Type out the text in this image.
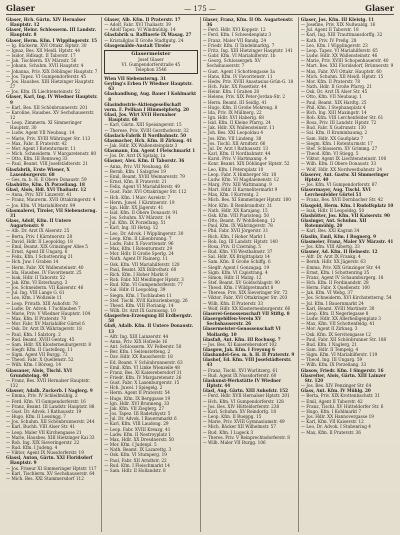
Glaser	— 175 —	Glaser

Glaser, Hch. Gärtn. XIV Hernalser Hauptstr. 12

Glaser, Heinr. Schlosserm. III Landstr. Hauptstr. 8

Glaser, Herm. Kfm. I Wipplingerstr. 15

— Ig. Bäckerm. XVI Ottakr. Hptstr. 30

— Ignaz, Bes. XII Meidl. Hptstr. 44

— Isidor, Hdlsagt. II Taborstr. 17

— Jak. Tischlerm. XV Märzstr. 56

— Johann, Schuhm. XVII Hauptstr. 4

— Johanna, Priv. XIX Döblinger Hauptstr. 7

— Jos. Tapez. VI Gumpendorferstr. 45

— Jos. Hausbes. XIII Hietzinger Hauptstr. 27

— Jos. Kfm. IX Liechtensteinstr. 52

Glaser, Karl, Ing. IV Wiedner Hauptstr. 9

— Karl, Bes. XII Schönbrunnerstr. 201

— Karoline, Hausbes. XV Sechshauserstr. 12

— Leop. Zimmerm. XI Simmeringer Hauptstr. 30

— Ludw. Agent VII Neubaug. 14

— Marie, Priv. XVIII Währinger Str. 113

— Max, Fabr. II Praterstr. 42

— Mor. Agent I Rotenturmstr. 11

— Mich. Schneiderm. V Margaretenstr. 80

— Otto, Kfm. III Rennweg 33

— Paul, Beamt. VIII Josefstädterstr. 21

Glasfabrik, Erste Wiener, X Laxenburgerstr. 68

— Ges. m. b. H. II Obere Donaustr. 59

Glashütte, Kfm. IX Porzellang. 18

Glasl, Alois, Hdl. XVI Thaliastr. 12

— Anna, Priv. XIV Linzerstr. 41

— Franz, Maurerm. XVII Ottakringerstr. 4

— Jos. Kfm. VI Mariahilferstr. 99

Glasmalerei, Tiroler, VII Siebensterng. 31

Glass, Adolf, Kfm. II Untere Augartenstr. 9

— Alb. Dr. Arzt IX Alserstr. 25

— Berta, Priv. I Kärntnerstr. 28

— David, Hdlr. II Leopoldsg. 18

— Emil, Beamt. XIX Grinzinger Allee 5

— Ernst, Agent III Ungarg. 6

— Felix, Kfm. I Schottenring 21

— Hch. Juw. I Graben 14

— Herm. Fabr. XX Wallensteinstr. 40

— Ida, Hausbes. IV Favoritenstr. 25

— Isak, Hdlr. II Taborstr. 52

— Jak. Kfm. VI Esterhazyg. 3

— Jos. Schneiderm. VII Kaiserstr. 46

— Jul. Ing. VIII Lange G. 61

— Leo, Kfm. I Wollzeile 11

— Leop. Privatb. XIII Auhofstr. 78

— Ludw. Dr. Advok. I Tuchlauben 7

— Marie, Priv. V Wiedner Hauptstr. 104

— Max, Kfm. II Praterstr. 70

— Mor. Fabr. XV Mariahilfer Gürtel 6

— Osk. Dr. Arzt IX Währingerstr. 18

— Paul, Kfm. I Salztorg. 2

— Rud. Beamt. XVIII Gentzg. 45

— Sam. Hdlr. XX Klosterneuburgerstr. 8

— Siegfr. Kfm. II Castellezg. 11

— Sigm. Agent VII Burgg. 72

— Theod. Fabr. X Quellenstr. 52

— Wilh. Kfm. I Börseg. 14

Glassauer, Alois, Tischl. XVI Grundsteing. 40

— Franz, Bes. XVII Hernalser Hauptstr. 132

Glasser, Adalb. Zuckerb. I Naglerg. 9

— Emma, Priv. IV Schleifmühlg. 2

— Ferd. Kfm. VI Gumpendorferstr. 16

— Franz, Beamt. III Landstr. Hauptstr. 88

— Gust. Dr. Advok. I Rathausstr. 19

— Hugo, Kfm. II Lessingg. 7

— Jos. Schuhm. XII Schönbrunnerstr. 244

— Karl, Buchh. VIII Alser Str. 41

— Leop. Maler VII Kirchengasse 21

— Marie, Hausbes. XIII Hietzinger Kai 33

— Rob. Ing. XIX Sieveringerstr. 22

— Rud. Kfm. I Judeng. 4

— Viktor, Agent IX Nussdorferstr. 19

Glassl, Anton, Gärtn. XXI Floridsdorf Hauptstr. 9

— Jos. Friseur XI Simmeringer Hptstr. 117

— Karl, Tischlerm. XV Sechshauserstr. 64

— Mich. Bes. XXI Stammersdorf 112

Glaser, Alb. Kfm. II Praterstr. 17

— Adolf, Fabr. XVI Thaliastr. 39

— Adolf Tapez. VI Windmühlg. 14

Glasfabrik u. Raffinerie IX Wasag. 27

— Kristallglas II Große Stadtgutg. 24

Glasgemälde-Anstalt Tiroler

Glasermeister
Josef Glaser
VI. Gumpendorferstraße 45
Telephon 3546

Wien VII Siebensterng. 31

Geyling's Erben IV Wiedner Hauptstr. 63

Glashandlung, Aug. Bauer I Kohlmarkt 8

Glasindustrie-Aktiengesellschaft

vorm. F. Pelikan I Himmelpfortg. 20

Glasl, Jos. Wirt XVII Hernalser Hauptstr. 68

— Karl, Gärtn. XIII Speisingerstr. 15

— Therese, Priv. XVIII Gersthoferstr. 32

Glaslack-Fabrik II Nordbahnstr. 50

Glasmacher, Hch. Kfm. II Zirkusg. 41

— Jak. Hdlr. XX Wallensteinplatz 3

Glasmann, Em. Agent I Fleischmarkt 1

— Jos. Dr. Arzt IX Spitalg. 1a

Glasner, Alex. Kfm. II Taborstr. 36

— Anna, Priv. VII Neubaug. 66

— Bernh. Kfm. I Salzgries 19

— Emil, Beamt. XVIII Weimarerstr. 79

— Ernst, Kfm. II Praterstr. 21

— Felix, Agent VI Mariahilferstr. 49

— Gust. Fabr. XVI Ottakringer Str. 112

— Hch. Kfm. I Marc Aurelstr. 7

— Herm. Juwel. I Kärntnerstr. 19

— Ign. Hdlr. XX Jägerstr. 41

— Isid. Kfm. II Obere Donaustr. 91

— Jos. Schuhm. XV Märzstr. 14

— Jul. Kfm. IX Porzellang. 51

— Karl, Ing. III Hetzg. 12

— Leo, Dr. Advok. I Wipplingerstr. 30

— Leop. Kfm. II Lilienbrunng. 7

— Ludw. Fabr. X Favoritenstr. 96

— Max, Kfm. I Rotenturmstr. 29

— Mor. Hdlr. II Große Sperlg. 24

— Nath. Agent IV Rainerg. 11

— Osk. Kfm. VII Mariahilferstr. 120

— Paul, Beamt. XIX Billrothstr. 60

— Rich. Kfm. I Hoher Markt 8

— Rob. Fabr. XII Meidlinger Hptstr. 3

— Rud. Kfm. VI Gumpendorferstr. 77

— Sal. Hdlr. II Leopoldsg. 39

— Siegm. Kfm. I Tuchlauben 11

— Stef. Tischl. XVII Kalvarienbergg. 26

— Theod. Kfm. VIII Florianig. 14

— Wilh. Dr. Arzt IX Garnisong. 10

Glasperlen-Erzeugung III Erdbergstr. 58

Glaß, Adalb. Kfm. II Untere Donaustr. 13

— Alfr. Ing. XIII Lainzerstr. 44

— Anna, Priv. XIX Hofzeile 16

— Ant. Schlosserm. XV Felberstr. 50

— Ber. Kfm. I Seitenstetteng. 2

— Dav. Hdlr. XX Rauscherstr. 18

— Ed. Beamt. V Schönbrunnerstr. 63

— Emil, Kfm. VI Linke Wienzeile 48

— Franz, Bes. XI Kaiserebersdorf 31

— Friedr. Kfm. IV Margaretenstr. 26

— Gust. Fabr. X Laxenburgerstr. 15

— Hch. Juwel. I Spiegelg. 2

— Herm. Agent II Praterstr. 54

— Hugo, Kfm. IX Berggasse 19

— Ign. Hdlr. XVI Brunneng. 33

— Jak. Kfm. VII Zieglerg. 27

— Jos. Tapez. III Radetzkystr. 5

— Jul. Dr. Advok. I Bauernmarkt 6

— Karl, Kfm. VIII Laudong. 29

— Leop. Fabr. XVIII Kreuzg. 41

— Ludw. Kfm. II Nestroyplatz 1

— Max, Hdlr. XX Dresdnerstr. 50

— Mor. Kfm. I Judenpl. 5

— Nath. Beamt. IX Lazarettg. 3

— Osk. Kfm. VI Stumperg. 19

— Paul, Fabr. XII Arndtstr. 22

— Rud. Kfm. I Fleischmarkt 14

— Sam. Hdlr. II Hollandstr. 8

Glaser, Franz, Kfm. II Ob. Augartenstr. 36

— Ferd. Hdlr. XVI Koppstr. 12

— Ferd. Kfm. I Schwedenplatz 3

— Franz, Maler VII Bandg. 24

— Friedr. Kfm. II Tandelmarktg. 7

— Fritz, Ing. XIII Hietzinger Hauptstr. 141

— Gabr. Kfm. VI Mariahilferstr. 1b

— Georg, Schlossergeh. XV Sechshauserstr. 7

— Gust. Agent I Schottengasse 3a

— Hans, Kfm. IV Favoritenstr. 11

— Hedw. Priv. XVIII Anastasius-Grün-G. 18

— Hch. Fabr. XX Pasettistr. 44

— Heinr. Kfm. I Graben 28

— Helene, Priv. XIX Peter-Jordan-Str. 2

— Herm. Beamt. III Seidlg. 41

— Hugo, Kfm. II Große Mohreng. 8

— Ida, Priv. IX Müllnerg. 22

— Ign. Hdlr. XVI Haberlg. 68

— Isid. Kfm. II Kleine Pfarrg. 24

— Jak. Hdlr. XX Wallensteinstr. 11

— Joh. Bes. XXI Leopoldau 4

— Jos. Kfm. VII Lindeng. 38

— Jos. Tischl. XII Arndtstr. 66

— Jul. Dr. Arzt I Rathausstr. 13

— Karl, Kfm. II Nordbahnstr. 44

— Karol. Priv. V Hartmanng. 4

— Konr. Beamt. XIX Döblinger Hptstr. 52

— Leo, Kfm. I Petersplatz 10

— Leop. Fabr. X Himberger Str. 18

— Ludw. Kfm. VI Magdalenenstr. 12

— Marg. Priv. XIII Wattmanng. 9

— Mart. Hdlr. II Karmelitermarkt 9

— Max, Kfm. I Kurrentg. 2

— Mich. Bes. XI Simmeringer Hptstr. 180

— Mor. Kfm. II Rembrandtstr. 31

— Nath. Hdlr. XX Karajang. 15

— Osk. Kfm. VIII Piaristeng. 50

— Otto, Beamt. IV Wohllebeng. 12

— Paul, Kfm. IX Währingerstr. 78

— Phil. Fabr. XVII Jörgerstr. 31

— Rich. Kfm. I Hoher Markt 1

— Rob. Ing. III Landstr. Hptstr. 140

— Rosa, Priv. II Czerning. 5

— Rud. Kfm. VII Westbahnstr. 37

— Sal. Hdlr. XX Brigittaplatz 14

— Sam. Kfm. II Große Schiffg. 6

— Siegfr. Agent I Gonzagag. 19

— Sigm. Kfm. VI Capistrang. 4

— Simon, Hdlr. II Malzg. 12

— Stef. Beamt. XV Goldschlagstr. 90

— Theod. Kfm. I Wildpretmarkt 8

— Therese, Priv. XIX Sieveringer Str. 72

— Viktor, Fabr. XVI Ottakringer Str. 203

— Wilh. Kfm. II Praterstr. 33

— Wolf, Hdlr. XX Klosterneuburgerstr. 66

Glaserei-Genossenschaft VII Stiftg. 8

Glasergehilfen-Verein XV Sechshauserstr. 26

Glasermeister-Genossenschaft VI Mollardg. 10

Glasfaß, Ant. Kfm. III Rochusg. 7

— Jos. Bes. XI Kaiserebersdorf 102

Glasgow, Jak. Kfm. I Freyung 6

Glashandel-Ges. m. b. H. II Praterstr. 9

Glashof, Ed. Kfm. VIII Josefstädterstr. 43

— Franz, Tischl. XVI Wurlitzerg. 61

— Rud. Agent IX Nussdorferstr. 60

Glaskunst-Werkstätte IV Wiedner Hptstr. 44

Glasl, Aug. Gärtn. XIII Auhofstr. 152

— Ferd. Hdlr. XVII Hernalser Hptstr. 201

— Hch. Kfm. VI Gumpendorferstr. 128

— Jos. Bes. XIV Hütteldorferstr. 238

— Karl, Schuhm. XV Reindorfg. 18

— Leop. Kfm. II Rueppg. 15

— Marie, Priv. XVIII Gymnasiumstr. 49

— Mich. Bäcker XII Wilhelmstr. 57

— Rud. Kfm. I Lugeck 3

— Theres. Priv. V Reinprechtsdorferstr. 8

— Wilh. Maler VII Burgg. 106

Glaser, Jos. Kfm. III Kleistg. 11

— Josefine, Priv. XIX Nußwaldg. 16

— Jul. Agent II Taborstr. 18

— Karl, Ing. XIII Trauttmansdorffg. 32

— Kath. Priv. IV Preßg. 28

— Leo, Kfm. I Wipplingerstr. 23

— Leop. Tapez. VI Mariahilferstr. 65

— Ludw. Hdlr. XX Wallensteinstr. 46

— Marie, Priv. XVIII Schopenhauerstr. 40

— Mart. Bes. XXI Floridsdorf, Brünnerstr. 9

— Max, Fabr. XVI Ottakr. Hauptstr. 60

— Mich. Schuhm. XII Meidl. Hptstr. 15

— Mor. Kfm. II Praterstr. 78

— Nath. Hdlr. II Große Pfarrg. 21

— Osk. Dr. Arzt IX Alser Str. 45

— Otto, Kfm. VII Neubaug. 1

— Paul, Beamt. XIX Hardtg. 25

— Phil. Kfm. I Stephansplatz 4

— Rich. Ing. XIII Maxingstr. 14

— Rob. Kfm. VIII Lerchenfelder Str. 61

— Rosa, Priv. III Landstr. Hptstr. 72

— Rud. Fabr. X Gudrunstr. 130

— Sal. Kfm. II Krummbaumg. 2

— Sam. Hdlr. XX Gaußplatz 7

— Siegm. Kfm. I Rotenturmstr. 17

— Stef. Schlosserm. XV Grimmg. 27

— Theod. Kfm. VI Stiegg. 5

— Viktor, Agent IX Liechtensteinstr. 100

— Wilh. Kfm. II Obere Donaustr. 33

— Wolf, Hdlr. XX Nordwestbahnstr. 24

Glaserer, Ant. Gastw. XI Simmeringer Hptstr. 40

— Jos. Kfm. VI Gumpendorferstr. 87

Glasermayer, Aug. Tischl. XVI Lerchenfelder Gürtel 51

— Franz, Bes. XVII Dornbacher Str. 42

Glasgold, Herm. Kfm. I Rudolfsplatz 10

— Isak, Hdlr. II Leopoldsg. 50

Glashütter, Jos. Kfm. VII Kaiserstr. 90

Glasinger, Ant. Schuhm. XII Rotenmühlg. 20

— Karl, Bes. XXI Kagran 34

Glaslin, Emil, Kfm. I Bognerg. 9

Glasmeier, Franz, Maler XV Märzstr. 41

— Jos. Kfm. VIII Albertg. 33

Glasner, Ad. Kfm. II Heinestr. 12

— Alfr. Dr. Arzt IX Frankg. 4

— Bernh. Hdlr. XX Jägerstr. 63

— Emma, Priv. XIX Grinzinger Str. 44

— Ernst, Kfm. I Schottenring 35

— Franz, Agent IV Schaumburgerg. 18

— Hch. Kfm. II Ferdinandstr. 28

— Herm. Fabr. X Quellenstr. 100

— Jak. Kfm. VI Webg. 37

— Jos. Schneiderm. XVI Kirchstetterng. 54

— Jul. Kfm. I Bauernmarkt 24

— Karl, Beamt. XVIII Martinstr. 30

— Leop. Kfm. II Negerlegasse 8

— Ludw. Hdlr. XX Allerheiligenplatz 3

— Max, Kfm. VII Schottenfeldg. 41

— Mor. Agent II Zirkusg. 3

— Osk. Kfm. IX Servitengasse 12

— Paul, Fabr. XII Schönbrunner Str. 188

— Rud. Kfm. I Naglerg. 21

— Sam. Hdlr. II Tempelg. 4

— Sigm. Kfm. VI Mariahilferstr. 119

— Theod. Ing. III Ungarg. 59

— Wilh. Kfm. IX Porzellang. 33

Glasow, Friedr. Kfm. I Singerstr. 16

Glasreiter, Alois, Gärtn. XIII Lainzer Str. 120

— Jos. Bes. XIV Penzinger Str. 64

Glass, Ant. Kfm. IV Mühlg. 20

— Berta, Priv. XIX Krottenbachstr. 31

— Emil, Agent II Taborstr. 42

— Franz, Tischl. XV Hütteldorfer Str. 6

— Hugo, Kfm. I Kohlmarkt 7

— Jos. Hdlr. XX Hannovergasse 19

— Karl, Kfm. VII Kaiserstr. 12

— Leo, Dr. Advok. I Stubenring 4

— Max, Kfm. II Praterstr. 36
